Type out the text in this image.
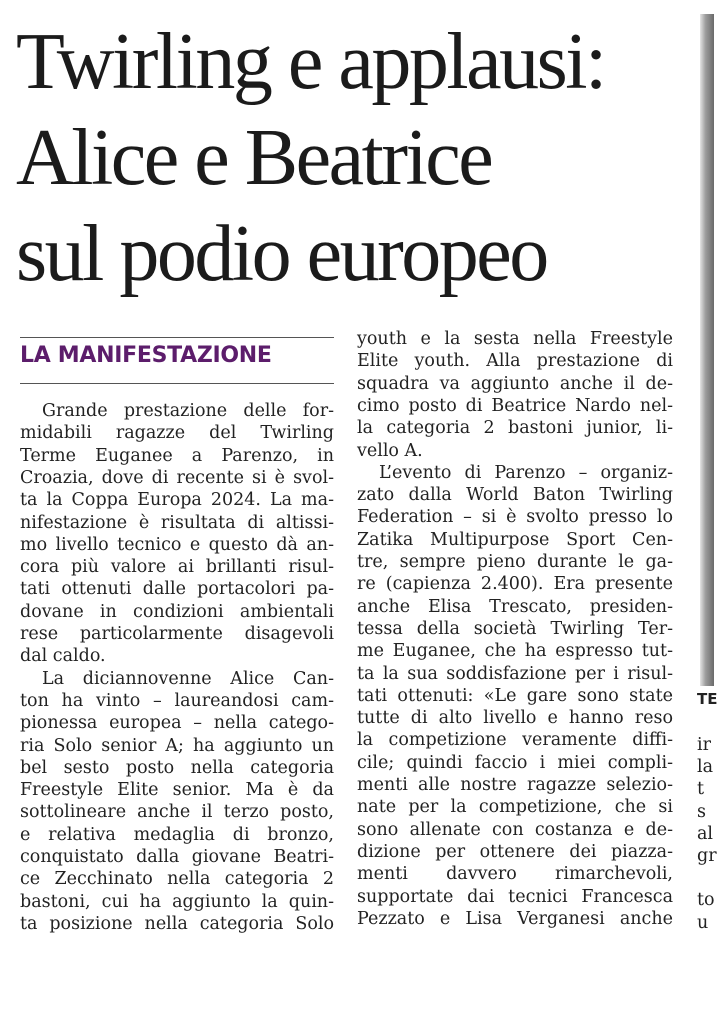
Twirling e applausi:
Alice e Beatrice
sul podio europeo
LA MANIFESTAZIONE
Grande prestazione delle for-
midabili ragazze del Twirling
Terme Euganee a Parenzo, in
Croazia, dove di recente si è svol-
ta la Coppa Europa 2024. La ma-
nifestazione è risultata di altissi-
mo livello tecnico e questo dà an-
cora più valore ai brillanti risul-
tati ottenuti dalle portacolori pa-
dovane in condizioni ambientali
rese particolarmente disagevoli
dal caldo.
La diciannovenne Alice Can-
ton ha vinto – laureandosi cam-
pionessa europea – nella catego-
ria Solo senior A; ha aggiunto un
bel sesto posto nella categoria
Freestyle Elite senior. Ma è da
sottolineare anche il terzo posto,
e relativa medaglia di bronzo,
conquistato dalla giovane Beatri-
ce Zecchinato nella categoria 2
bastoni, cui ha aggiunto la quin-
ta posizione nella categoria Solo
youth e la sesta nella Freestyle
Elite youth. Alla prestazione di
squadra va aggiunto anche il de-
cimo posto di Beatrice Nardo nel-
la categoria 2 bastoni junior, li-
vello A.
L’evento di Parenzo – organiz-
zato dalla World Baton Twirling
Federation – si è svolto presso lo
Zatika Multipurpose Sport Cen-
tre, sempre pieno durante le ga-
re (capienza 2.400). Era presente
anche Elisa Trescato, presiden-
tessa della società Twirling Ter-
me Euganee, che ha espresso tut-
ta la sua soddisfazione per i risul-
tati ottenuti: «Le gare sono state
tutte di alto livello e hanno reso
la competizione veramente diffi-
cile; quindi faccio i miei compli-
menti alle nostre ragazze selezio-
nate per la competizione, che si
sono allenate con costanza e de-
dizione per ottenere dei piazza-
menti davvero rimarchevoli,
supportate dai tecnici Francesca
Pezzato e Lisa Verganesi anche
TE
ir
la
t
s
al
gr

to
u
